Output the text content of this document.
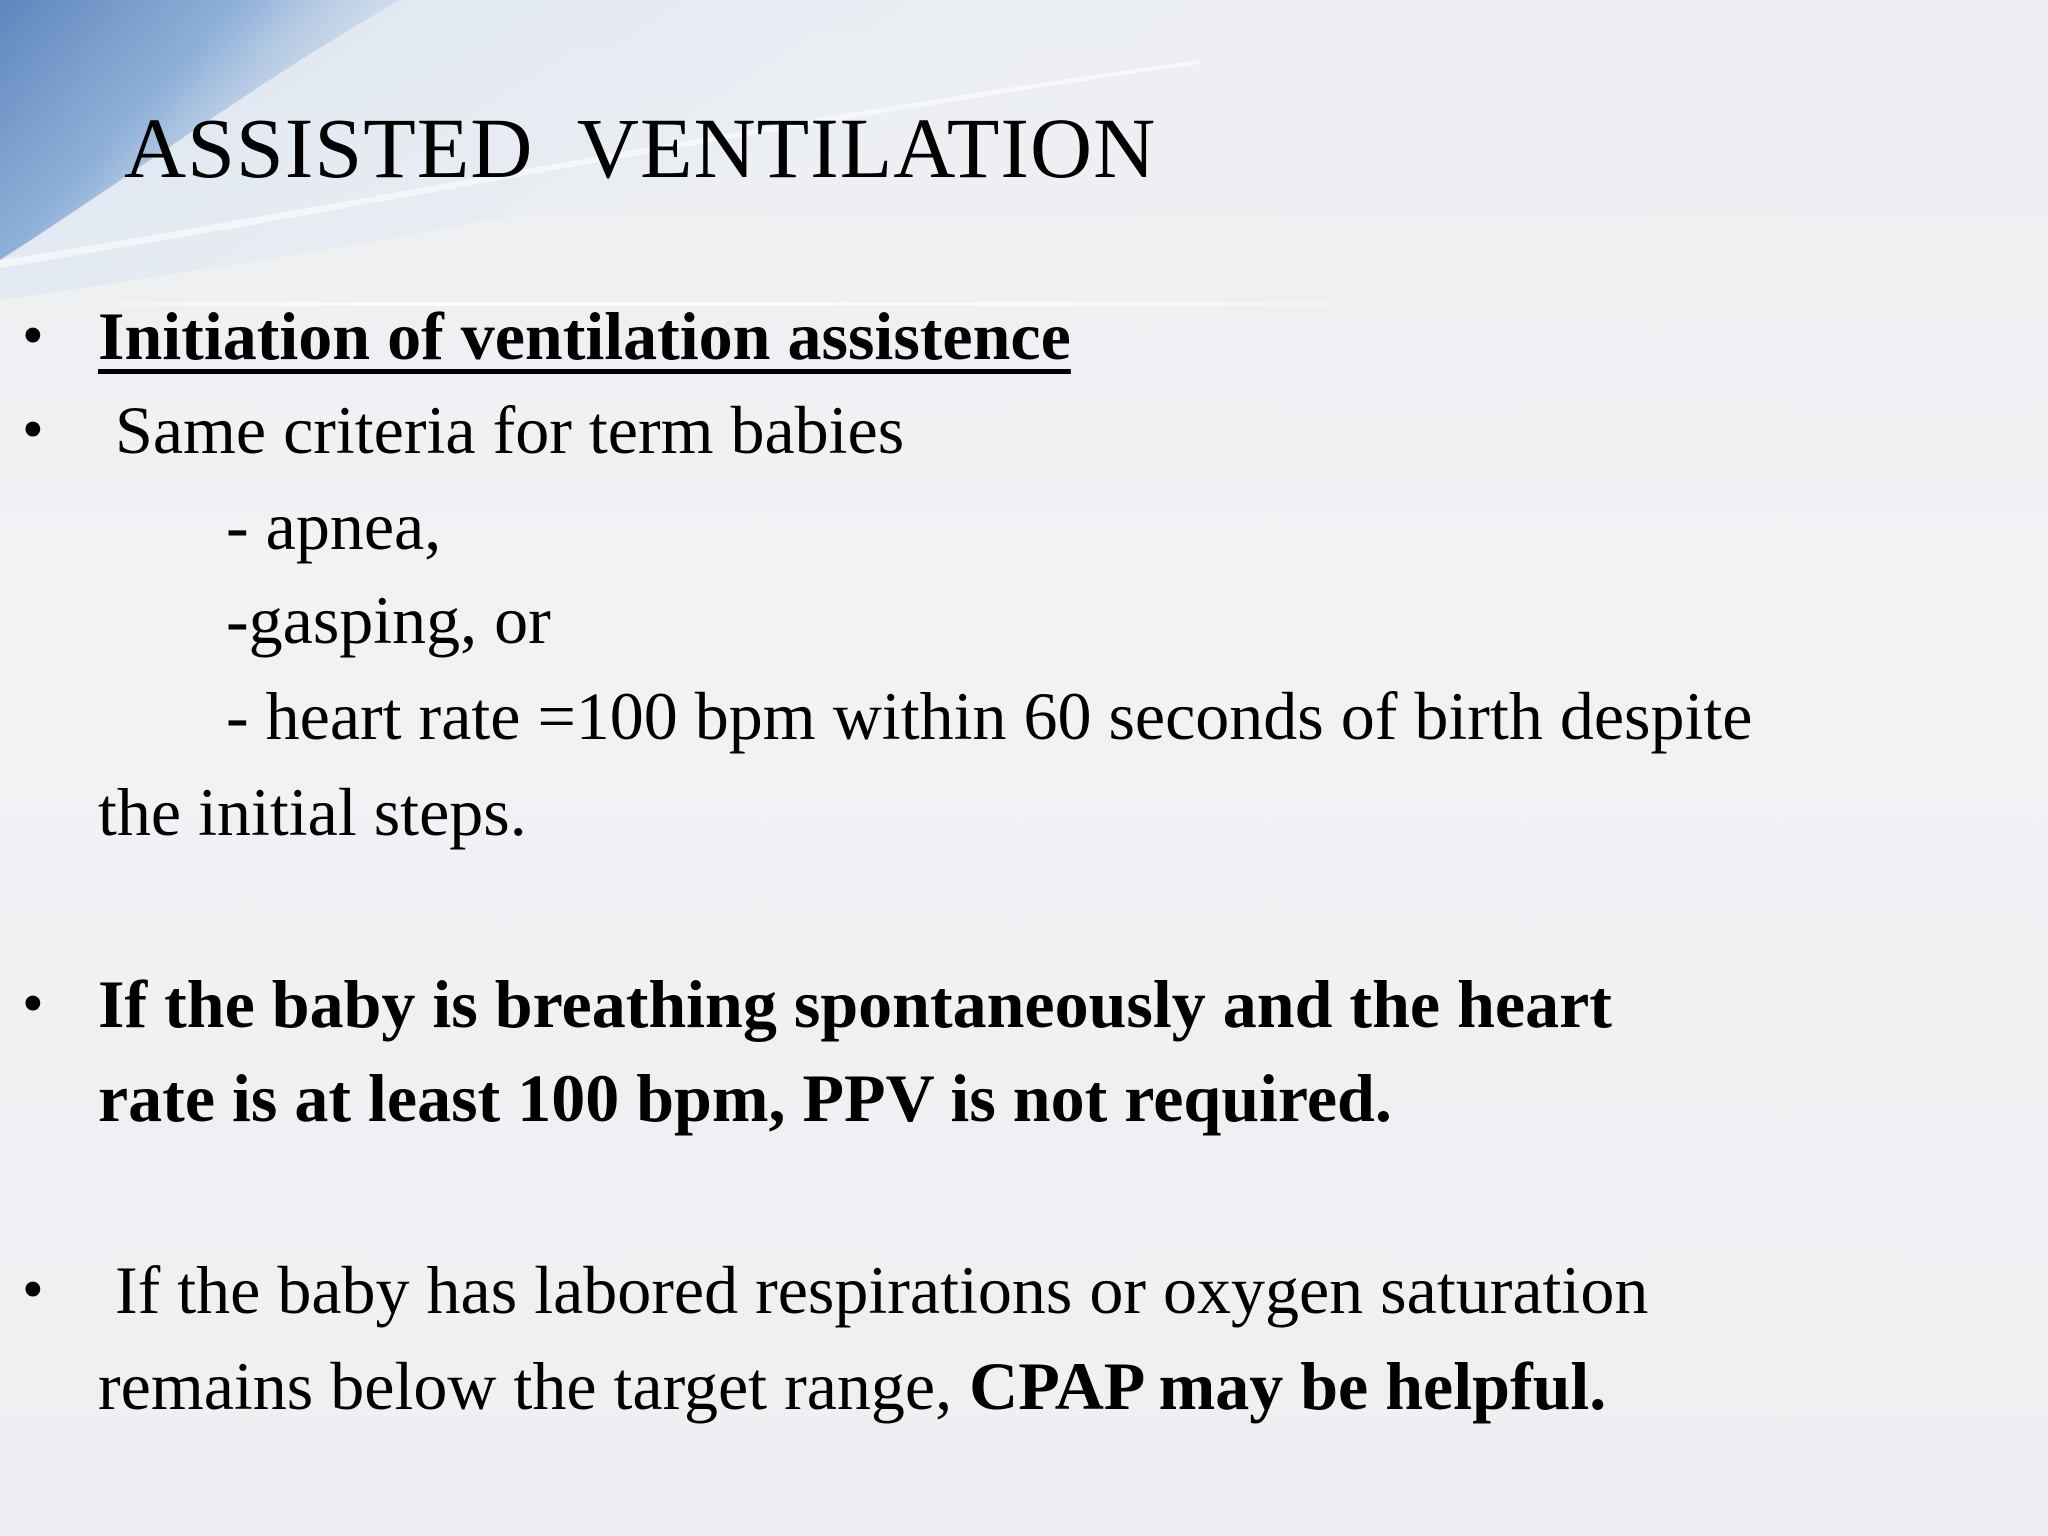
ASSISTED  VENTILATION
• Initiation of ventilation assistence
• Same criteria for term babies
- apnea,
-gasping, or
- heart rate =100 bpm within 60 seconds of birth despite
the initial steps.
• If the baby is breathing spontaneously and the heart
rate is at least 100 bpm, PPV is not required.
• If the baby has labored respirations or oxygen saturation
remains below the target range, CPAP may be helpful.
